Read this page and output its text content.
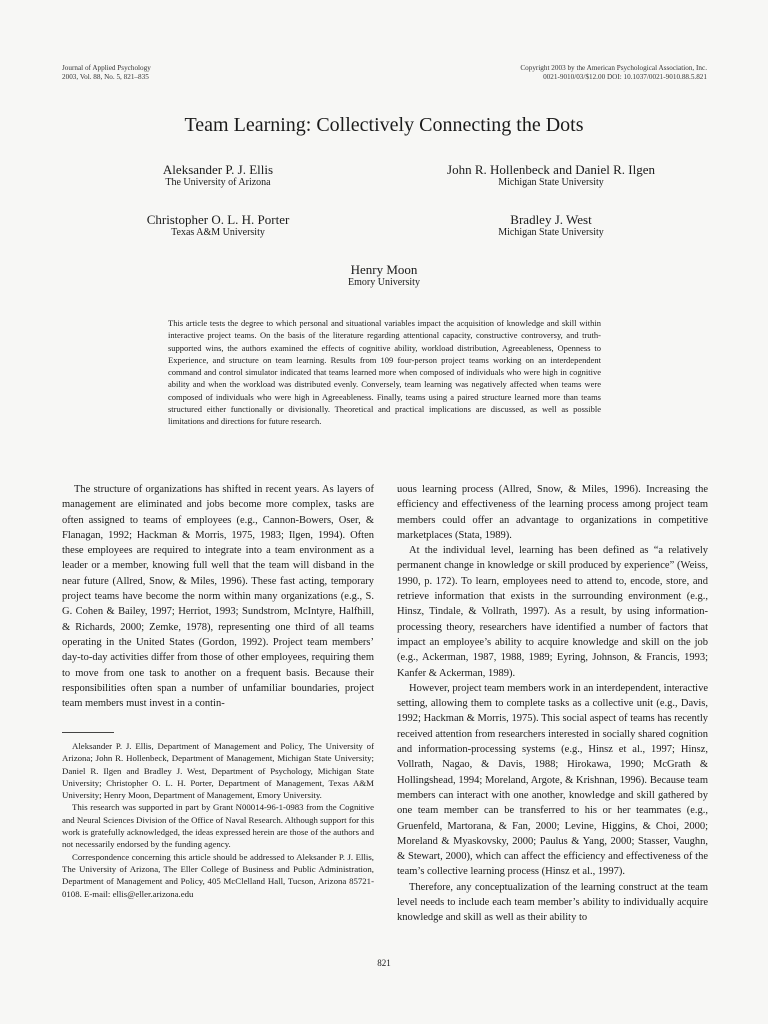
Journal of Applied Psychology
2003, Vol. 88, No. 5, 821–835
Copyright 2003 by the American Psychological Association, Inc.
0021-9010/03/$12.00 DOI: 10.1037/0021-9010.88.5.821
Team Learning: Collectively Connecting the Dots
Aleksander P. J. Ellis
The University of Arizona
John R. Hollenbeck and Daniel R. Ilgen
Michigan State University
Christopher O. L. H. Porter
Texas A&M University
Bradley J. West
Michigan State University
Henry Moon
Emory University
This article tests the degree to which personal and situational variables impact the acquisition of knowledge and skill within interactive project teams. On the basis of the literature regarding attentional capacity, constructive controversy, and truth-supported wins, the authors examined the effects of cognitive ability, workload distribution, Agreeableness, Openness to Experience, and structure on team learning. Results from 109 four-person project teams working on an interdependent command and control simulator indicated that teams learned more when composed of individuals who were high in cognitive ability and when the workload was distributed evenly. Conversely, team learning was negatively affected when teams were composed of individuals who were high in Agreeableness. Finally, teams using a paired structure learned more than teams structured either functionally or divisionally. Theoretical and practical implications are discussed, as well as possible limitations and directions for future research.

The structure of organizations has shifted in recent years. As layers of management are eliminated and jobs become more complex, tasks are often assigned to teams of employees (e.g., Cannon-Bowers, Oser, & Flanagan, 1992; Hackman & Morris, 1975, 1983; Ilgen, 1994). Often these employees are required to integrate into a team environment as a leader or a member, knowing full well that the team will disband in the near future (Allred, Snow, & Miles, 1996). These fast acting, temporary project teams have become the norm within many organizations (e.g., S. G. Cohen & Bailey, 1997; Herriot, 1993; Sundstrom, McIntyre, Halfhill, & Richards, 2000; Zemke, 1978), representing one third of all teams operating in the United States (Gordon, 1992). Project team members’ day-to-day activities differ from those of other employees, requiring them to move from one task to another on a frequent basis. Because their responsibilities often span a number of unfamiliar boundaries, project team members must invest in a contin-

Aleksander P. J. Ellis, Department of Management and Policy, The University of Arizona; John R. Hollenbeck, Department of Management, Michigan State University; Daniel R. Ilgen and Bradley J. West, Department of Psychology, Michigan State University; Christopher O. L. H. Porter, Department of Management, Texas A&M University; Henry Moon, Department of Management, Emory University.

This research was supported in part by Grant N00014-96-1-0983 from the Cognitive and Neural Sciences Division of the Office of Naval Research. Although support for this work is gratefully acknowledged, the ideas expressed herein are those of the authors and not necessarily endorsed by the funding agency.

Correspondence concerning this article should be addressed to Aleksander P. J. Ellis, The University of Arizona, The Eller College of Business and Public Administration, Department of Management and Policy, 405 McClelland Hall, Tucson, Arizona 85721-0108. E-mail: ellis@eller.arizona.edu

uous learning process (Allred, Snow, & Miles, 1996). Increasing the efficiency and effectiveness of the learning process among project team members could offer an advantage to organizations in competitive marketplaces (Stata, 1989).

At the individual level, learning has been defined as “a relatively permanent change in knowledge or skill produced by experience” (Weiss, 1990, p. 172). To learn, employees need to attend to, encode, store, and retrieve information that exists in the surrounding environment (e.g., Hinsz, Tindale, & Vollrath, 1997). As a result, by using information-processing theory, researchers have identified a number of factors that impact an employee’s ability to acquire knowledge and skill on the job (e.g., Ackerman, 1987, 1988, 1989; Eyring, Johnson, & Francis, 1993; Kanfer & Ackerman, 1989).

However, project team members work in an interdependent, interactive setting, allowing them to complete tasks as a collective unit (e.g., Davis, 1992; Hackman & Morris, 1975). This social aspect of teams has recently received attention from researchers interested in socially shared cognition and information-processing systems (e.g., Hinsz et al., 1997; Hinsz, Vollrath, Nagao, & Davis, 1988; Hirokawa, 1990; McGrath & Hollingshead, 1994; Moreland, Argote, & Krishnan, 1996). Because team members can interact with one another, knowledge and skill gathered by one team member can be transferred to his or her teammates (e.g., Gruenfeld, Martorana, & Fan, 2000; Levine, Higgins, & Choi, 2000; Moreland & Myaskovsky, 2000; Paulus & Yang, 2000; Stasser, Vaughn, & Stewart, 2000), which can affect the efficiency and effectiveness of the team’s collective learning process (Hinsz et al., 1997).

Therefore, any conceptualization of the learning construct at the team level needs to include each team member’s ability to individually acquire knowledge and skill as well as their ability to

821
